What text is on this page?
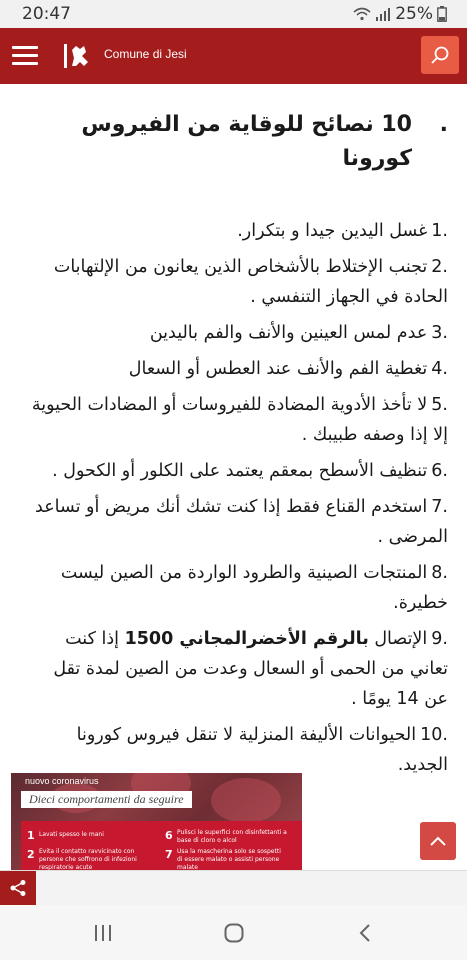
20:47	25%
Comune di Jesi
.
10 نصائح للوقاية من الفيروس كورونا
.1غسل اليدين جيدا و بتكرار.
.2تجنب الإختلاط بالأشخاص الذين يعانون من الإلتهابات الحادة في الجهاز التنفسي .
.3عدم لمس العينين والأنف والفم باليدين
.4تغطية الفم والأنف عند العطس أو السعال
.5لا تأخذ الأدوية المضادة للفيروسات أو المضادات الحيوية إلا إذا وصفه طبيبك .
.6تنظيف الأسطح بمعقم يعتمد على الكلور أو الكحول .
.7استخدم القناع فقط إذا كنت تشك أنك مريض أو تساعد المرضى .
.8المنتجات الصينية والطرود الواردة من الصين ليست خطيرة.
.9الإتصال بالرقم الأخضرالمجاني 1500 إذا كنت تعاني من الحمى أو السعال وعدت من الصين لمدة تقل عن 14 يومًا .
.10الحيوانات الأليفة المنزلية لا تنقل فيروس كورونا الجديد.
nuovo coronavirus
Dieci comportamenti da seguire
1 Lavati spesso le mani
2 Evita il contatto ravvicinato con persone che soffrono di infezioni respiratorie acute
6 Pulisci le superfici con disinfettanti a base di cloro o alcol
7 Usa la mascherina solo se sospetti di essere malato o assisti persone malate
